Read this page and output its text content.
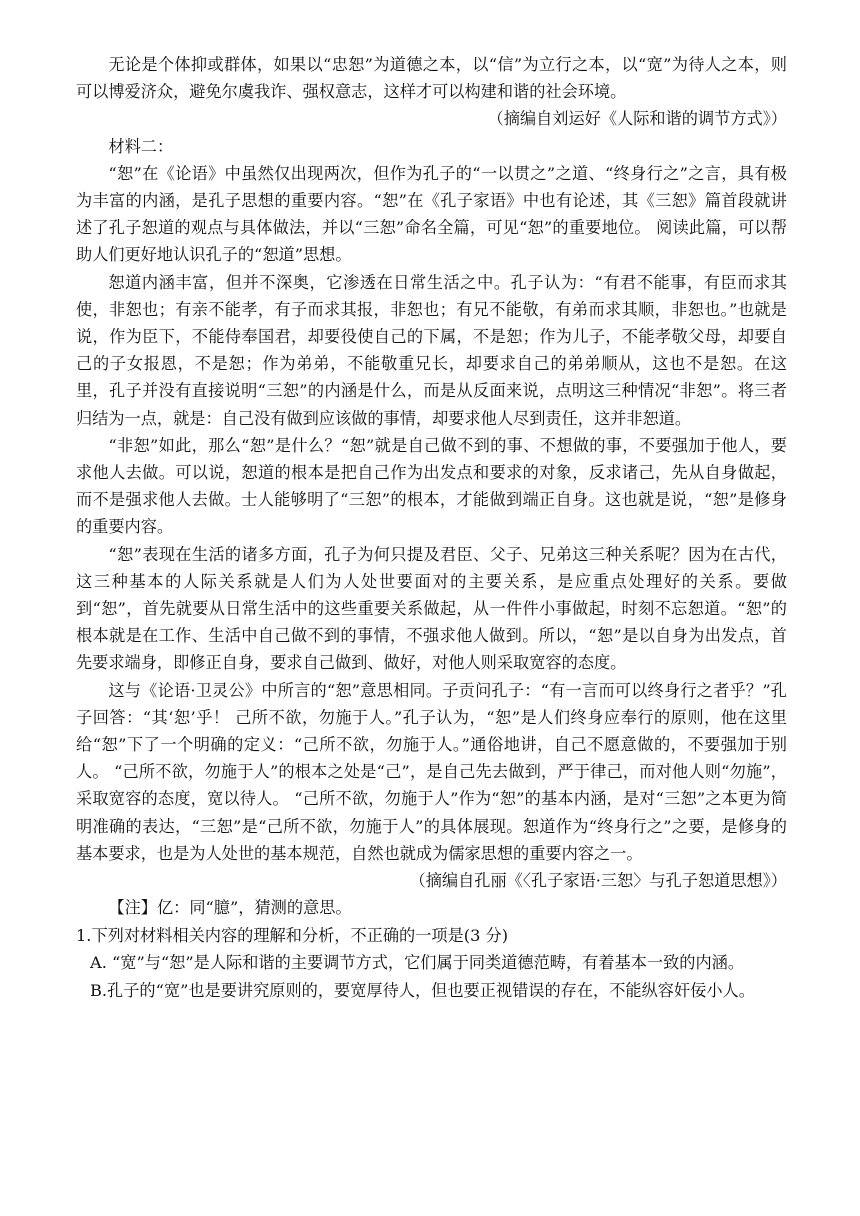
无论是个体抑或群体，如果以“忠恕”为道德之本，以“信”为立行之本，以“宽”为待人之本，则可以博爱济众，避免尔虞我诈、强权意志，这样才可以构建和谐的社会环境。

（摘编自刘运好《人际和谐的调节方式》）

材料二：

“恕”在《论语》中虽然仅出现两次，但作为孔子的“一以贯之”之道、“终身行之”之言，具有极为丰富的内涵，是孔子思想的重要内容。“恕”在《孔子家语》中也有论述，其《三恕》篇首段就讲述了孔子恕道的观点与具体做法，并以“三恕”命名全篇，可见“恕”的重要地位。 阅读此篇，可以帮助人们更好地认识孔子的“恕道”思想。

恕道内涵丰富，但并不深奥，它渗透在日常生活之中。孔子认为：“有君不能事，有臣而求其使，非恕也；有亲不能孝，有子而求其报，非恕也；有兄不能敬，有弟而求其顺，非恕也。”也就是说，作为臣下，不能侍奉国君，却要役使自己的下属，不是恕；作为儿子，不能孝敬父母，却要自己的子女报恩，不是恕；作为弟弟，不能敬重兄长，却要求自己的弟弟顺从，这也不是恕。在这里，孔子并没有直接说明“三恕”的内涵是什么，而是从反面来说，点明这三种情况“非恕”。将三者归结为一点，就是：自己没有做到应该做的事情，却要求他人尽到责任，这并非恕道。

“非恕”如此，那么“恕”是什么？“恕”就是自己做不到的事、不想做的事，不要强加于他人，要求他人去做。可以说，恕道的根本是把自己作为出发点和要求的对象，反求诸己，先从自身做起，而不是强求他人去做。士人能够明了“三恕”的根本，才能做到端正自身。这也就是说，“恕”是修身的重要内容。

“恕”表现在生活的诸多方面，孔子为何只提及君臣、父子、兄弟这三种关系呢？因为在古代，这三种基本的人际关系就是人们为人处世要面对的主要关系，是应重点处理好的关系。要做到“恕”，首先就要从日常生活中的这些重要关系做起，从一件件小事做起，时刻不忘恕道。“恕”的根本就是在工作、生活中自己做不到的事情，不强求他人做到。所以，“恕”是以自身为出发点，首先要求端身，即修正自身，要求自己做到、做好，对他人则采取宽容的态度。

这与《论语·卫灵公》中所言的“恕”意思相同。子贡问孔子：“有一言而可以终身行之者乎？”孔子回答：“其‘恕’乎！ 己所不欲，勿施于人。”孔子认为，“恕”是人们终身应奉行的原则，他在这里给“恕”下了一个明确的定义：“己所不欲，勿施于人。”通俗地讲，自己不愿意做的，不要强加于别人。 “己所不欲，勿施于人”的根本之处是“己”，是自己先去做到，严于律己，而对他人则“勿施”，采取宽容的态度，宽以待人。 “己所不欲，勿施于人”作为“恕”的基本内涵，是对“三恕”之本更为简明准确的表达，“三恕”是“己所不欲，勿施于人”的具体展现。恕道作为“终身行之”之要，是修身的基本要求，也是为人处世的基本规范，自然也就成为儒家思想的重要内容之一。

（摘编自孔丽《〈孔子家语·三恕〉与孔子恕道思想》）

【注】亿：同“臆”，猜测的意思。

1.下列对材料相关内容的理解和分析，不正确的一项是(3 分)

A. “宽”与“恕”是人际和谐的主要调节方式，它们属于同类道德范畴，有着基本一致的内涵。

B.孔子的“宽”也是要讲究原则的，要宽厚待人，但也要正视错误的存在，不能纵容奸佞小人。
